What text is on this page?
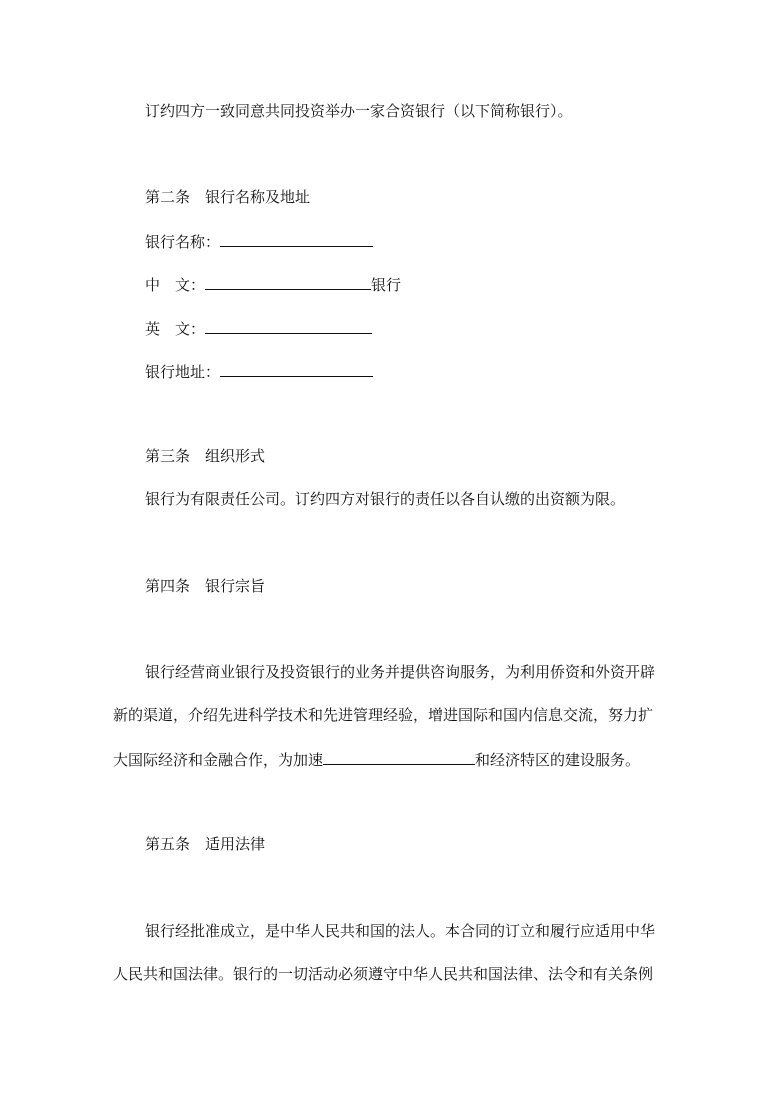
订约四方一致同意共同投资举办一家合资银行（以下简称银行）。
第二条　银行名称及地址
银行名称：
中　文：	银行
英　文：
银行地址：
第三条　组织形式
银行为有限责任公司。订约四方对银行的责任以各自认缴的出资额为限。
第四条　银行宗旨
银行经营商业银行及投资银行的业务并提供咨询服务，为利用侨资和外资开辟
新的渠道，介绍先进科学技术和先进管理经验，增进国际和国内信息交流，努力扩
大国际经济和金融合作，为加速	和经济特区的建设服务。
第五条　适用法律
银行经批准成立，是中华人民共和国的法人。本合同的订立和履行应适用中华
人民共和国法律。银行的一切活动必须遵守中华人民共和国法律、法令和有关条例
